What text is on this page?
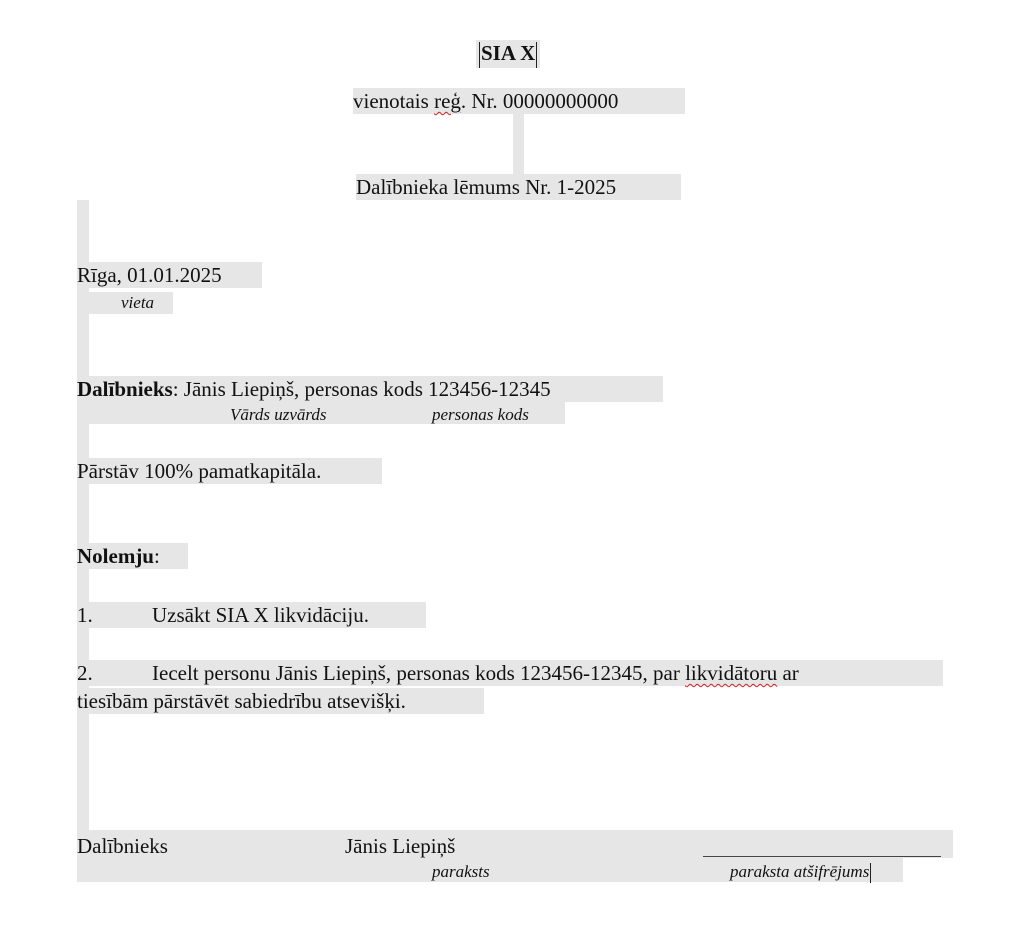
SIA X
vienotais reģ. Nr. 00000000000
Dalībnieka lēmums Nr. 1-2025
Rīga, 01.01.2025
vieta
Dalībnieks: Jānis Liepiņš, personas kods 123456-12345
Vārds uzvārds	personas kods
Pārstāv 100% pamatkapitāla.
Nolemju:
1.	Uzsākt SIA X likvidāciju.
2.	Iecelt personu Jānis Liepiņš, personas kods 123456-12345, par likvidātoru ar
tiesībām pārstāvēt sabiedrību atsevišķi.
Dalībnieks	Jānis Liepiņš
paraksts	paraksta atšifrējums
